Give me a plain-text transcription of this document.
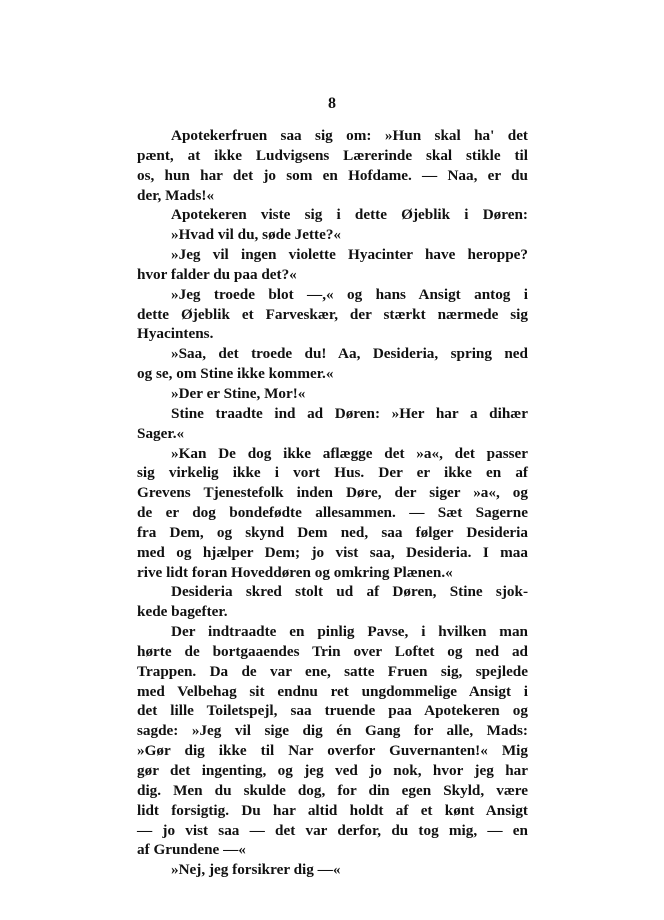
8
Apotekerfruen saa sig om: »Hun skal ha' det
pænt, at ikke Ludvigsens Lærerinde skal stikle til
os, hun har det jo som en Hofdame. — Naa, er du
der, Mads!«
Apotekeren viste sig i dette Øjeblik i Døren:
»Hvad vil du, søde Jette?«
»Jeg vil ingen violette Hyacinter have heroppe?
hvor falder du paa det?«
»Jeg troede blot —,« og hans Ansigt antog i
dette Øjeblik et Farveskær, der stærkt nærmede sig
Hyacintens.
»Saa, det troede du! Aa, Desideria, spring ned
og se, om Stine ikke kommer.«
»Der er Stine, Mor!«
Stine traadte ind ad Døren: »Her har a dihær
Sager.«
»Kan De dog ikke aflægge det »a«, det passer
sig virkelig ikke i vort Hus. Der er ikke en af
Grevens Tjenestefolk inden Døre, der siger »a«, og
de er dog bondefødte allesammen. — Sæt Sagerne
fra Dem, og skynd Dem ned, saa følger Desideria
med og hjælper Dem; jo vist saa, Desideria. I maa
rive lidt foran Hoveddøren og omkring Plænen.«
Desideria skred stolt ud af Døren, Stine sjok-
kede bagefter.
Der indtraadte en pinlig Pavse, i hvilken man
hørte de bortgaaendes Trin over Loftet og ned ad
Trappen. Da de var ene, satte Fruen sig, spejlede
med Velbehag sit endnu ret ungdommelige Ansigt i
det lille Toiletspejl, saa truende paa Apotekeren og
sagde: »Jeg vil sige dig én Gang for alle, Mads:
»Gør dig ikke til Nar overfor Guvernanten!« Mig
gør det ingenting, og jeg ved jo nok, hvor jeg har
dig. Men du skulde dog, for din egen Skyld, være
lidt forsigtig. Du har altid holdt af et kønt Ansigt
— jo vist saa — det var derfor, du tog mig, — en
af Grundene —«
»Nej, jeg forsikrer dig —«
